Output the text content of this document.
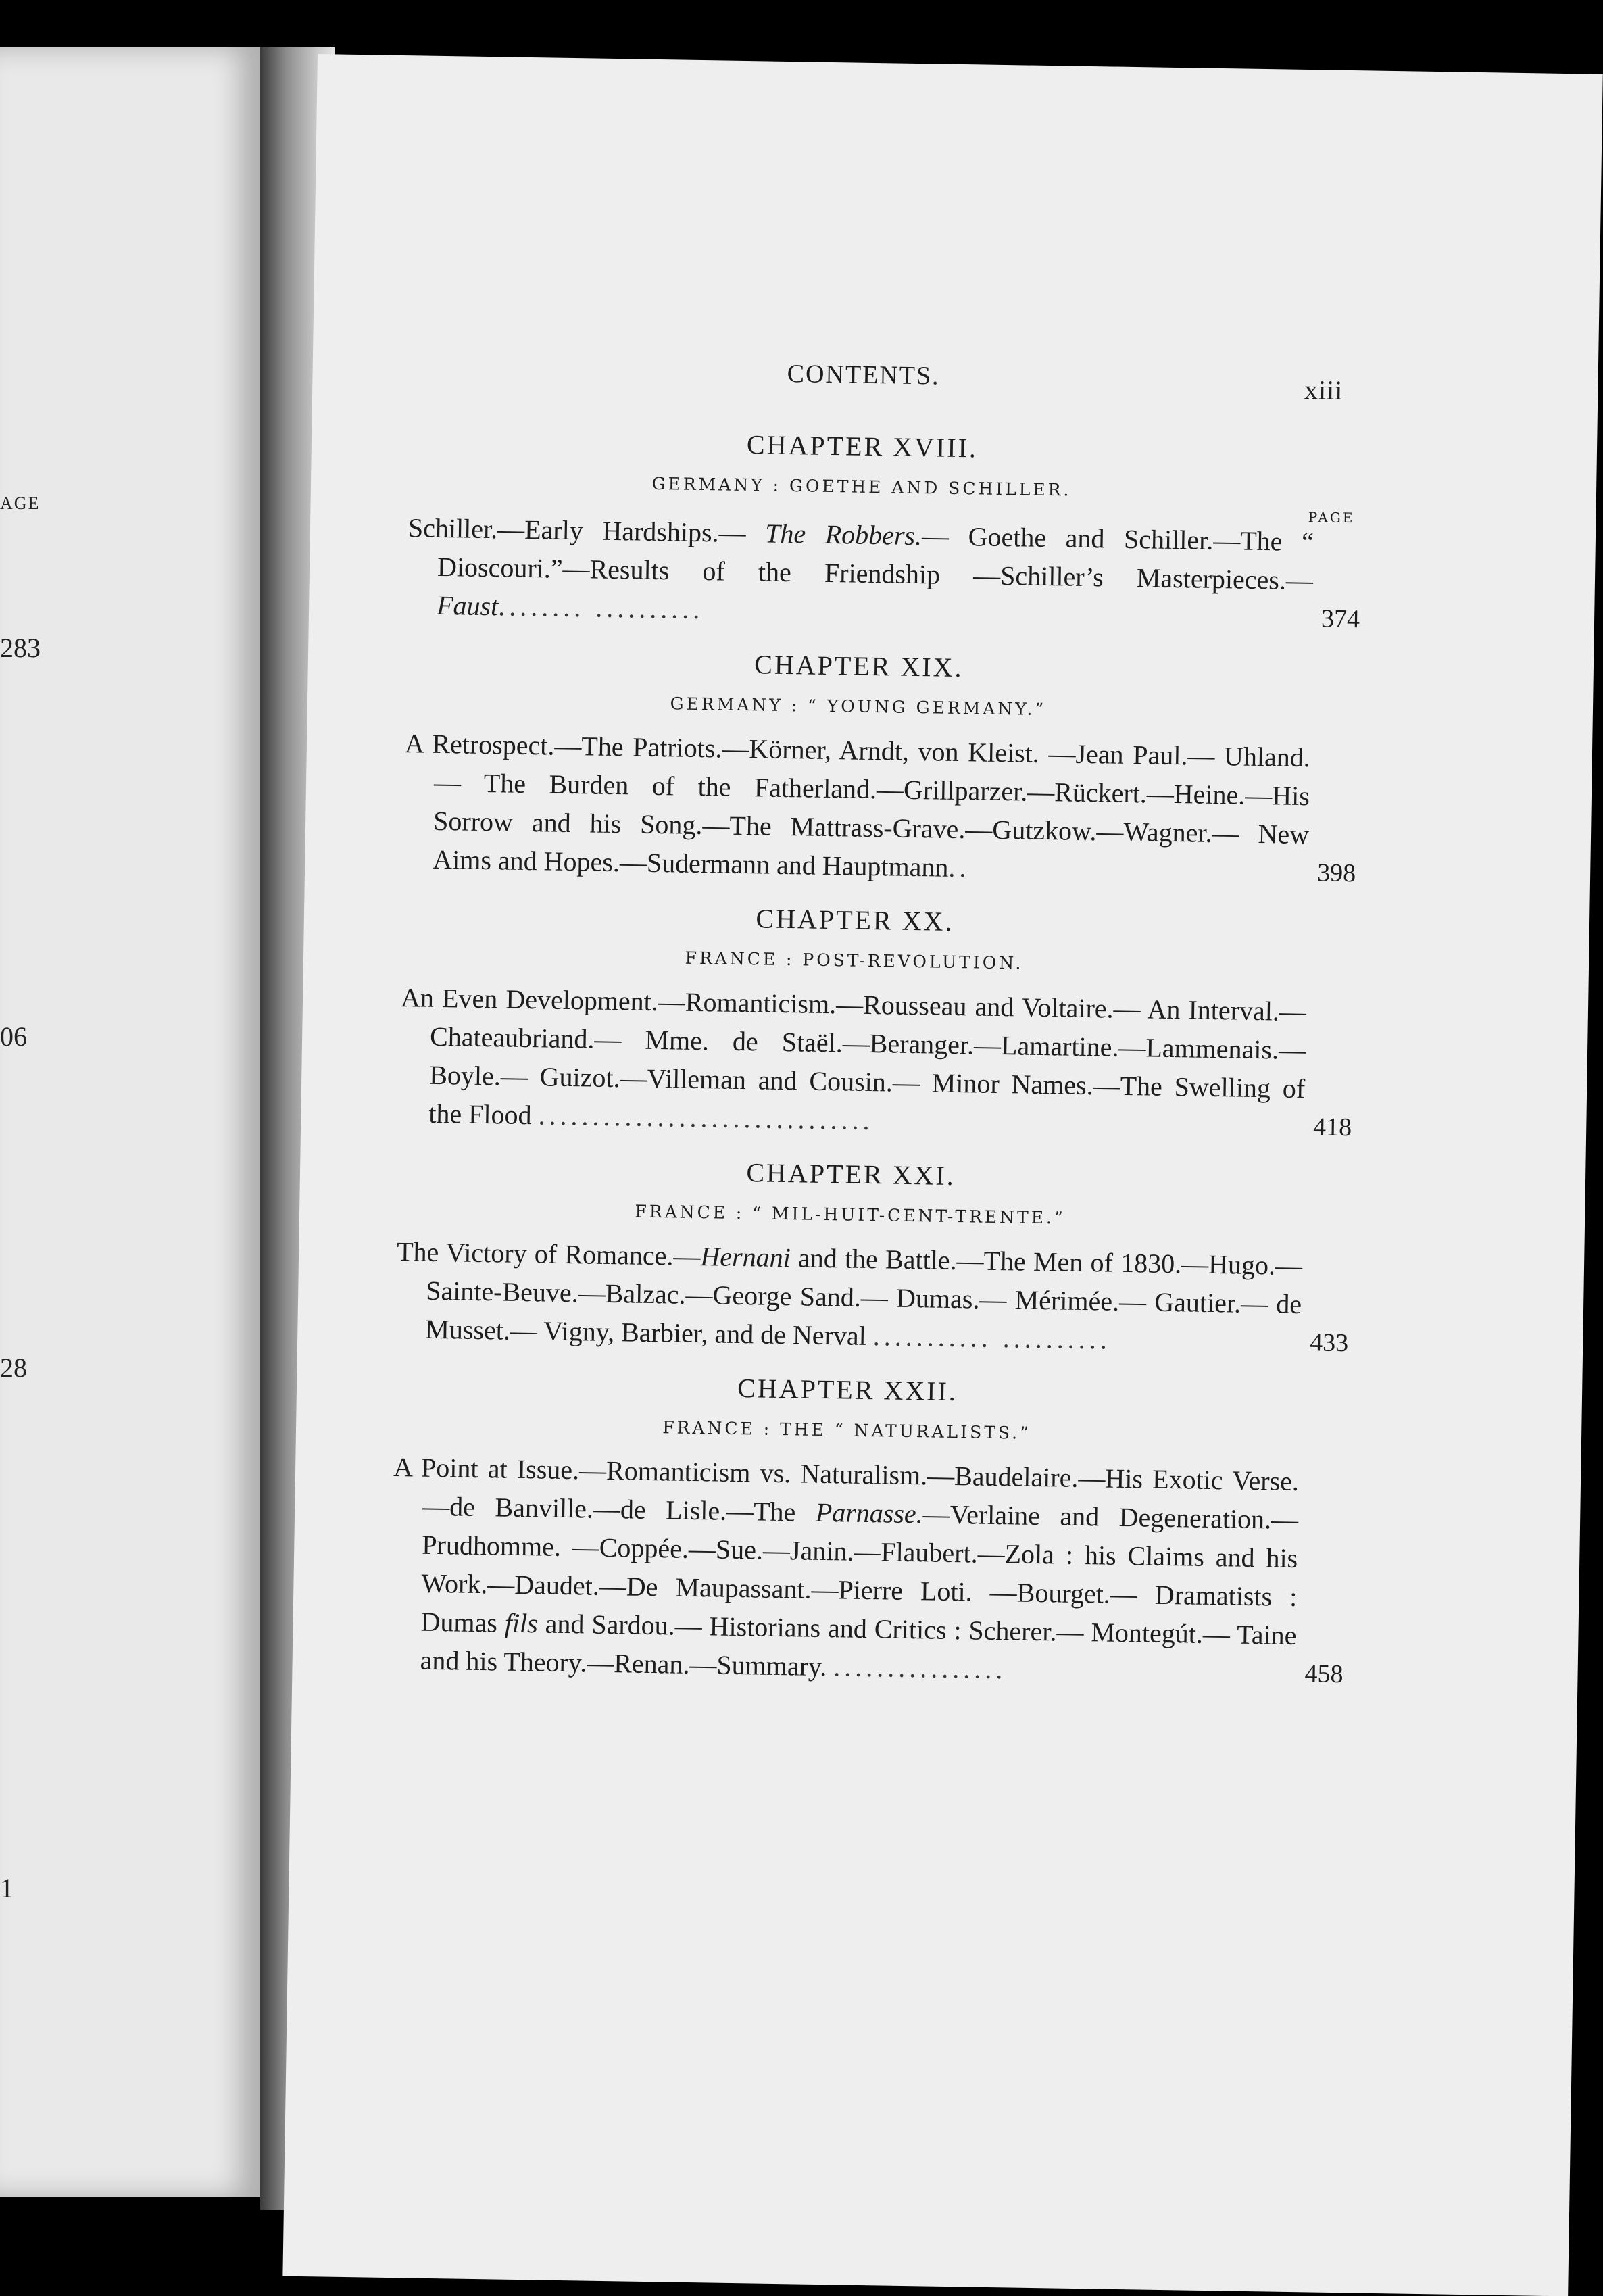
AGE
283
06
28
1
CONTENTS.	xiii
CHAPTER XVIII.
GERMANY : GOETHE AND SCHILLER.
PAGE
Schiller.—Early Hardships.— The Robbers.— Goethe and Schiller.—The “ Dioscouri.”—Results of the Friendship —Schiller’s Masterpieces.— Faust........ ..........	374
CHAPTER XIX.
GERMANY : “ YOUNG GERMANY.”
A Retrospect.—The Patriots.—Körner, Arndt, von Kleist. —Jean Paul.— Uhland.— The Burden of the Fatherland.—Grillparzer.—Rückert.—Heine.—His Sorrow and his Song.—The Mattrass-Grave.—Gutzkow.—Wagner.— New Aims and Hopes.—Sudermann and Hauptmann..	398
CHAPTER XX.
FRANCE : POST-REVOLUTION.
An Even Development.—Romanticism.—Rousseau and Voltaire.— An Interval.— Chateaubriand.— Mme. de Staël.—Beranger.—Lamartine.—Lammenais.—Boyle.— Guizot.—Villeman and Cousin.— Minor Names.—The Swelling of the Flood ...............................	418
CHAPTER XXI.
FRANCE : “ MIL-HUIT-CENT-TRENTE.”
The Victory of Romance.—Hernani and the Battle.—The Men of 1830.—Hugo.—Sainte-Beuve.—Balzac.—George Sand.— Dumas.— Mérimée.— Gautier.— de Musset.— Vigny, Barbier, and de Nerval ........... ..........	433
CHAPTER XXII.
FRANCE : THE “ NATURALISTS.”
A Point at Issue.—Romanticism vs. Naturalism.—Baudelaire.—His Exotic Verse.—de Banville.—de Lisle.—The Parnasse.—Verlaine and Degeneration.— Prudhomme. —Coppée.—Sue.—Janin.—Flaubert.—Zola : his Claims and his Work.—Daudet.—De Maupassant.—Pierre Loti. —Bourget.— Dramatists : Dumas fils and Sardou.— Historians and Critics : Scherer.— Montegút.— Taine and his Theory.—Renan.—Summary. ................	458
